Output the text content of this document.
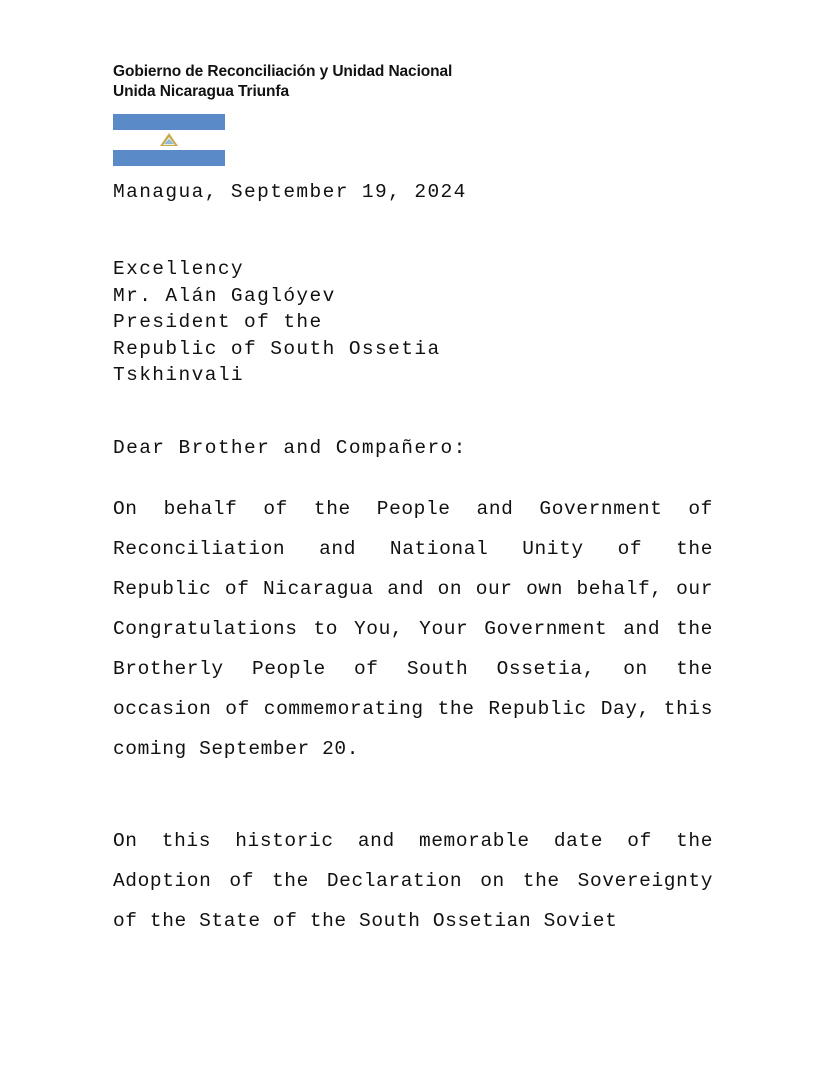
Gobierno de Reconciliación y Unidad Nacional
Unida Nicaragua Triunfa
Managua, September 19, 2024
Excellency
Mr. Alán Gaglóyev
President of the
Republic of South Ossetia
Tskhinvali
Dear Brother and Compañero:
On behalf of the People and Government of Reconciliation and National Unity of the Republic of Nicaragua and on our own behalf, our Congratulations to You, Your Government and the Brotherly People of South Ossetia, on the occasion of commemorating the Republic Day, this coming September 20.
On this historic and memorable date of the Adoption of the Declaration on the Sovereignty of the State of the South Ossetian Soviet
